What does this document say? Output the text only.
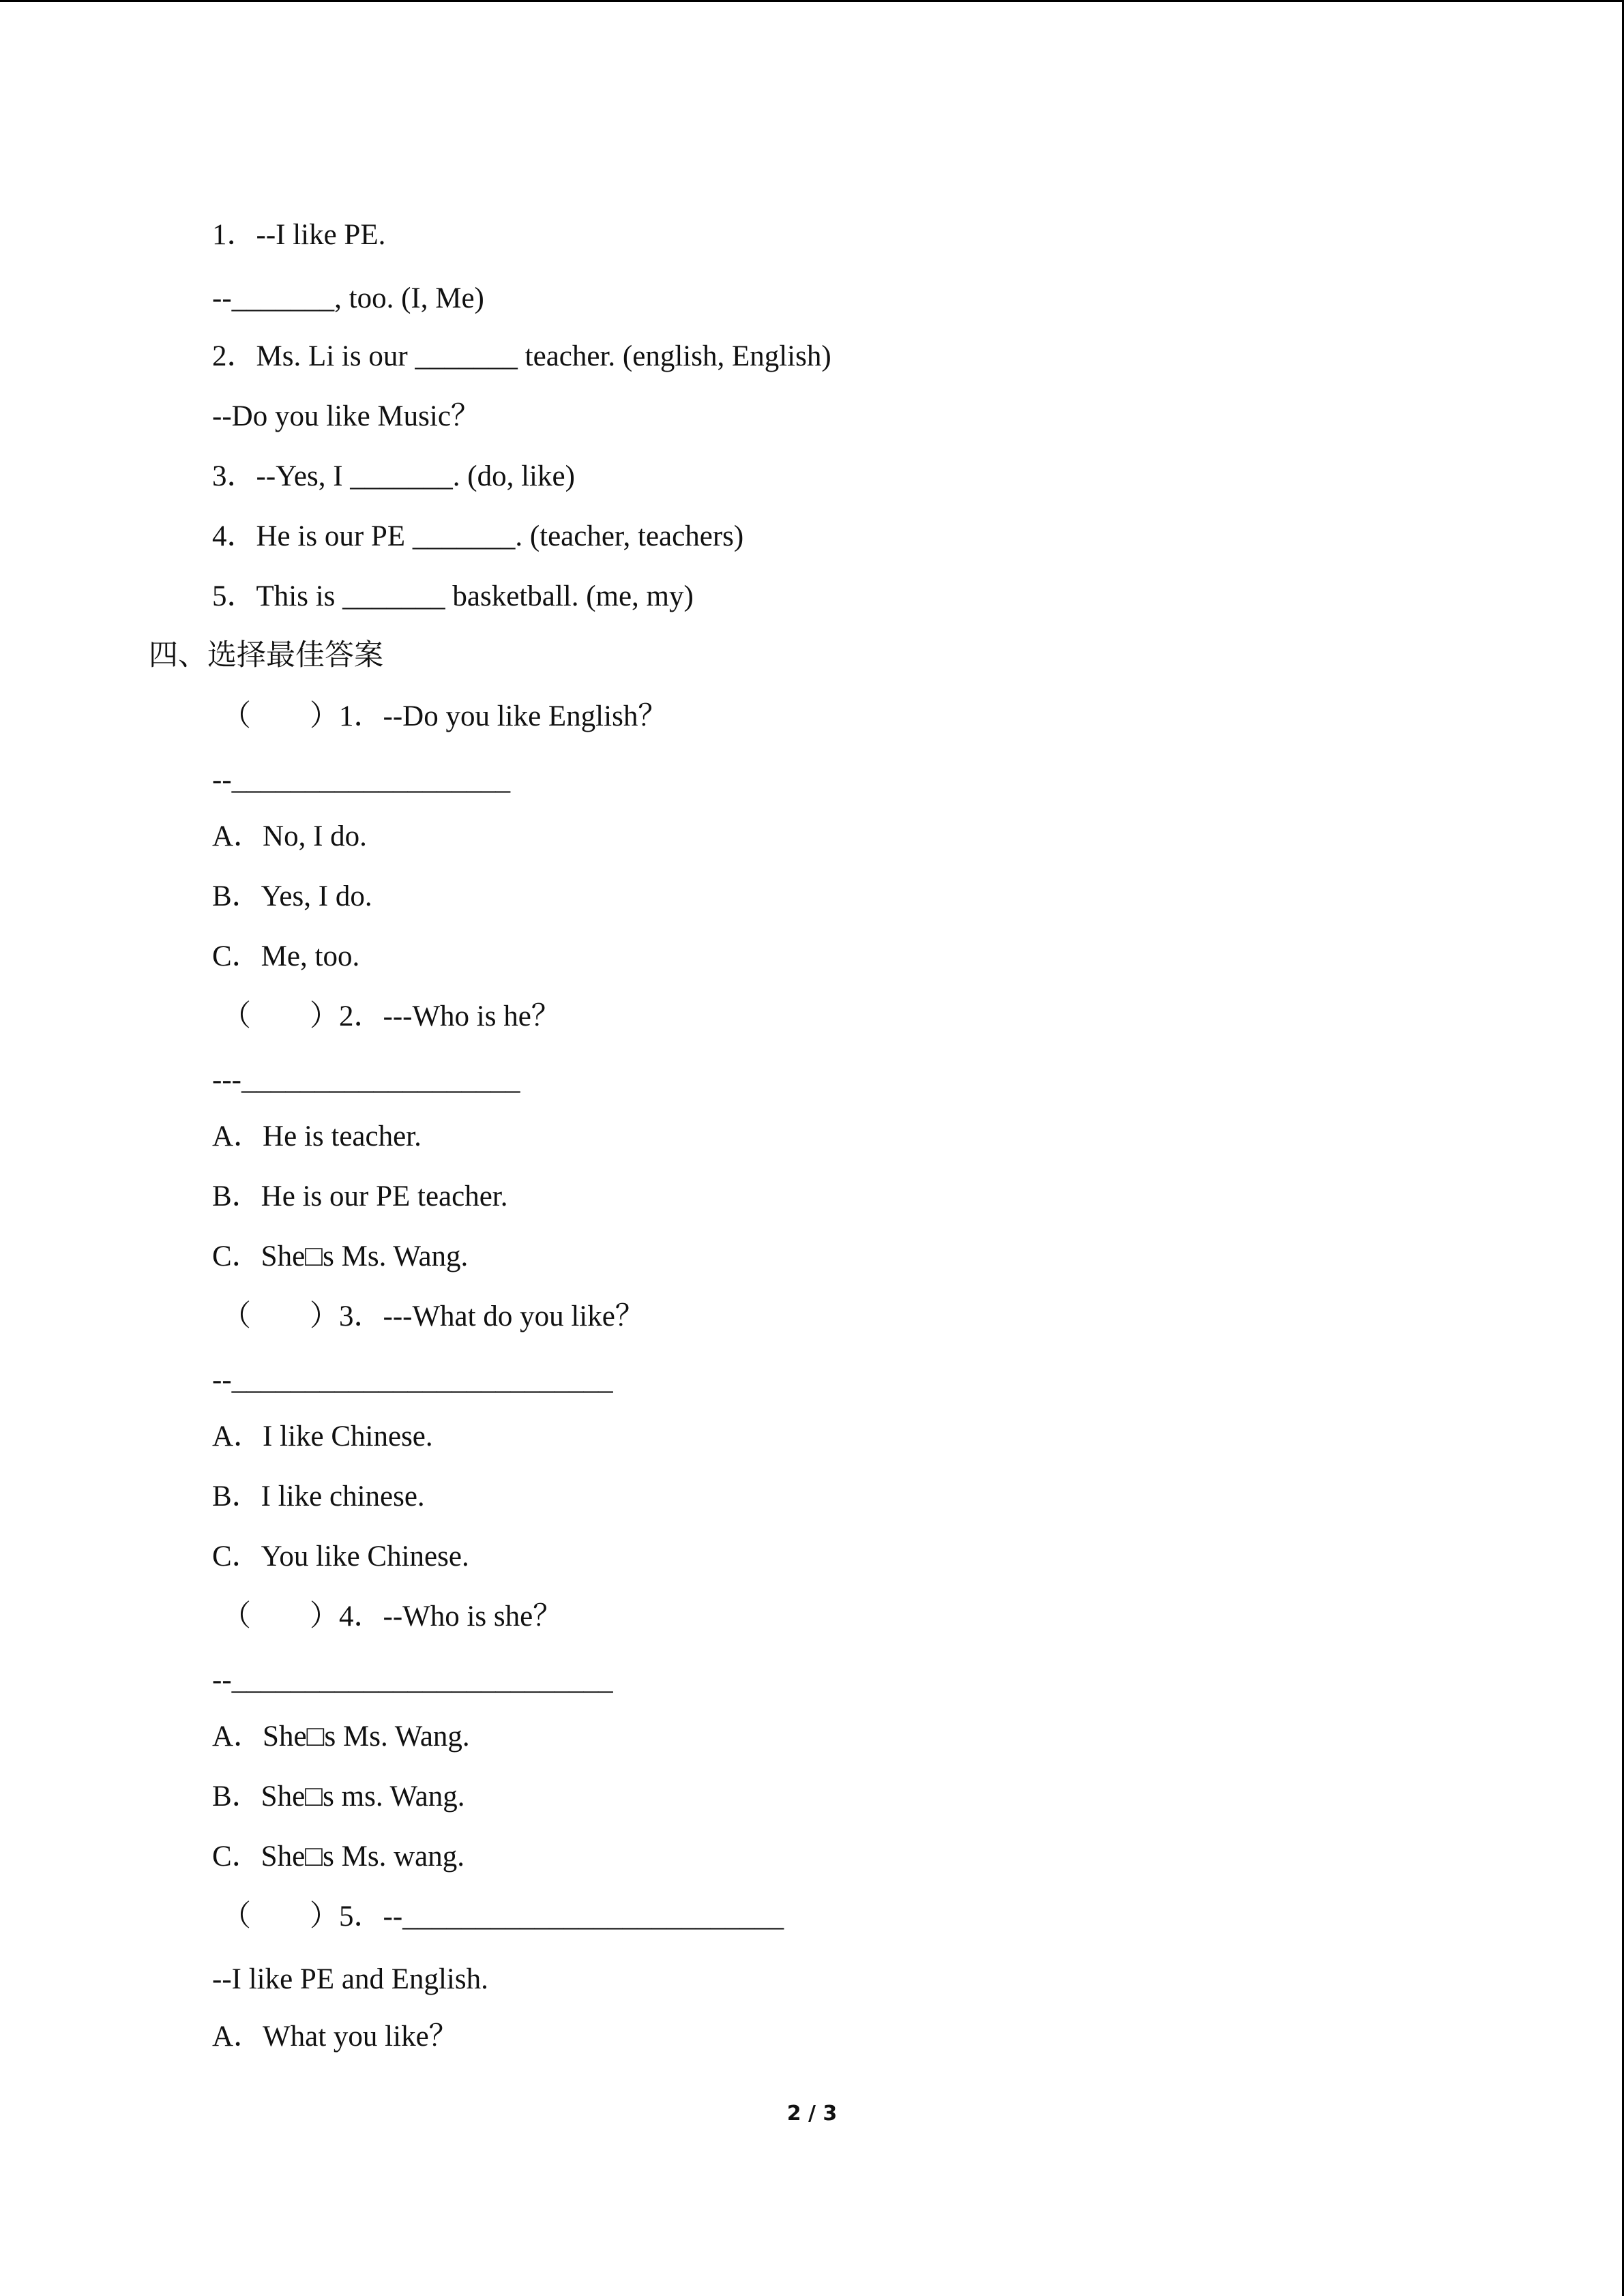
1．--I like PE.
--_______, too. (I, Me)
2．Ms. Li is our _______ teacher. (english, English)
--Do you like Music？
3．--Yes, I _______. (do, like)
4．He is our PE _______. (teacher, teachers)
5．This is _______ basketball. (me, my)
四、选择最佳答案
（　　）1．--Do you like English？
--___________________
A．No, I do.
B．Yes, I do.
C．Me, too.
（　　）2．---Who is he？
---___________________
A．He is teacher.
B．He is our PE teacher.
C．She□s Ms. Wang.
（　　）3．---What do you like？
--__________________________
A．I like Chinese.
B．I like chinese.
C．You like Chinese.
（　　）4．--Who is she？
--__________________________
A．She□s Ms. Wang.
B．She□s ms. Wang.
C．She□s Ms. wang.
（　　）5．--__________________________
--I like PE and English.
A．What you like？
2 / 3
